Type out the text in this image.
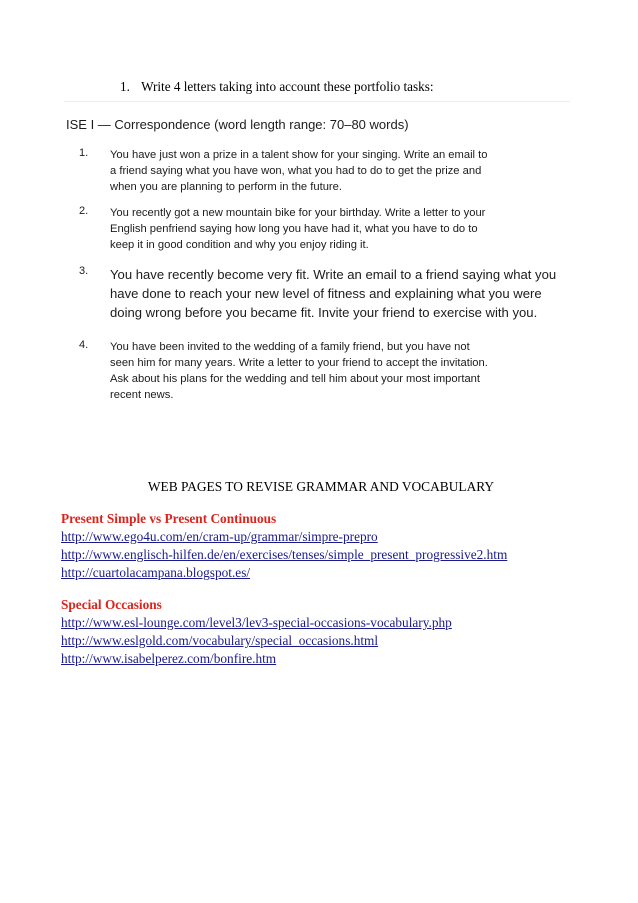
1. Write 4 letters taking into account these portfolio tasks:
ISE I — Correspondence (word length range: 70–80 words)
1. You have just won a prize in a talent show for your singing. Write an email to
a friend saying what you have won, what you had to do to get the prize and
when you are planning to perform in the future.
2. You recently got a new mountain bike for your birthday. Write a letter to your
English penfriend saying how long you have had it, what you have to do to
keep it in good condition and why you enjoy riding it.
3. You have recently become very fit. Write an email to a friend saying what you
have done to reach your new level of fitness and explaining what you were
doing wrong before you became fit. Invite your friend to exercise with you.
4. You have been invited to the wedding of a family friend, but you have not
seen him for many years. Write a letter to your friend to accept the invitation.
Ask about his plans for the wedding and tell him about your most important
recent news.
WEB PAGES TO REVISE GRAMMAR AND VOCABULARY
Present Simple vs Present Continuous
http://www.ego4u.com/en/cram-up/grammar/simpre-prepro
http://www.englisch-hilfen.de/en/exercises/tenses/simple_present_progressive2.htm
http://cuartolacampana.blogspot.es/
Special Occasions
http://www.esl-lounge.com/level3/lev3-special-occasions-vocabulary.php
http://www.eslgold.com/vocabulary/special_occasions.html
http://www.isabelperez.com/bonfire.htm
